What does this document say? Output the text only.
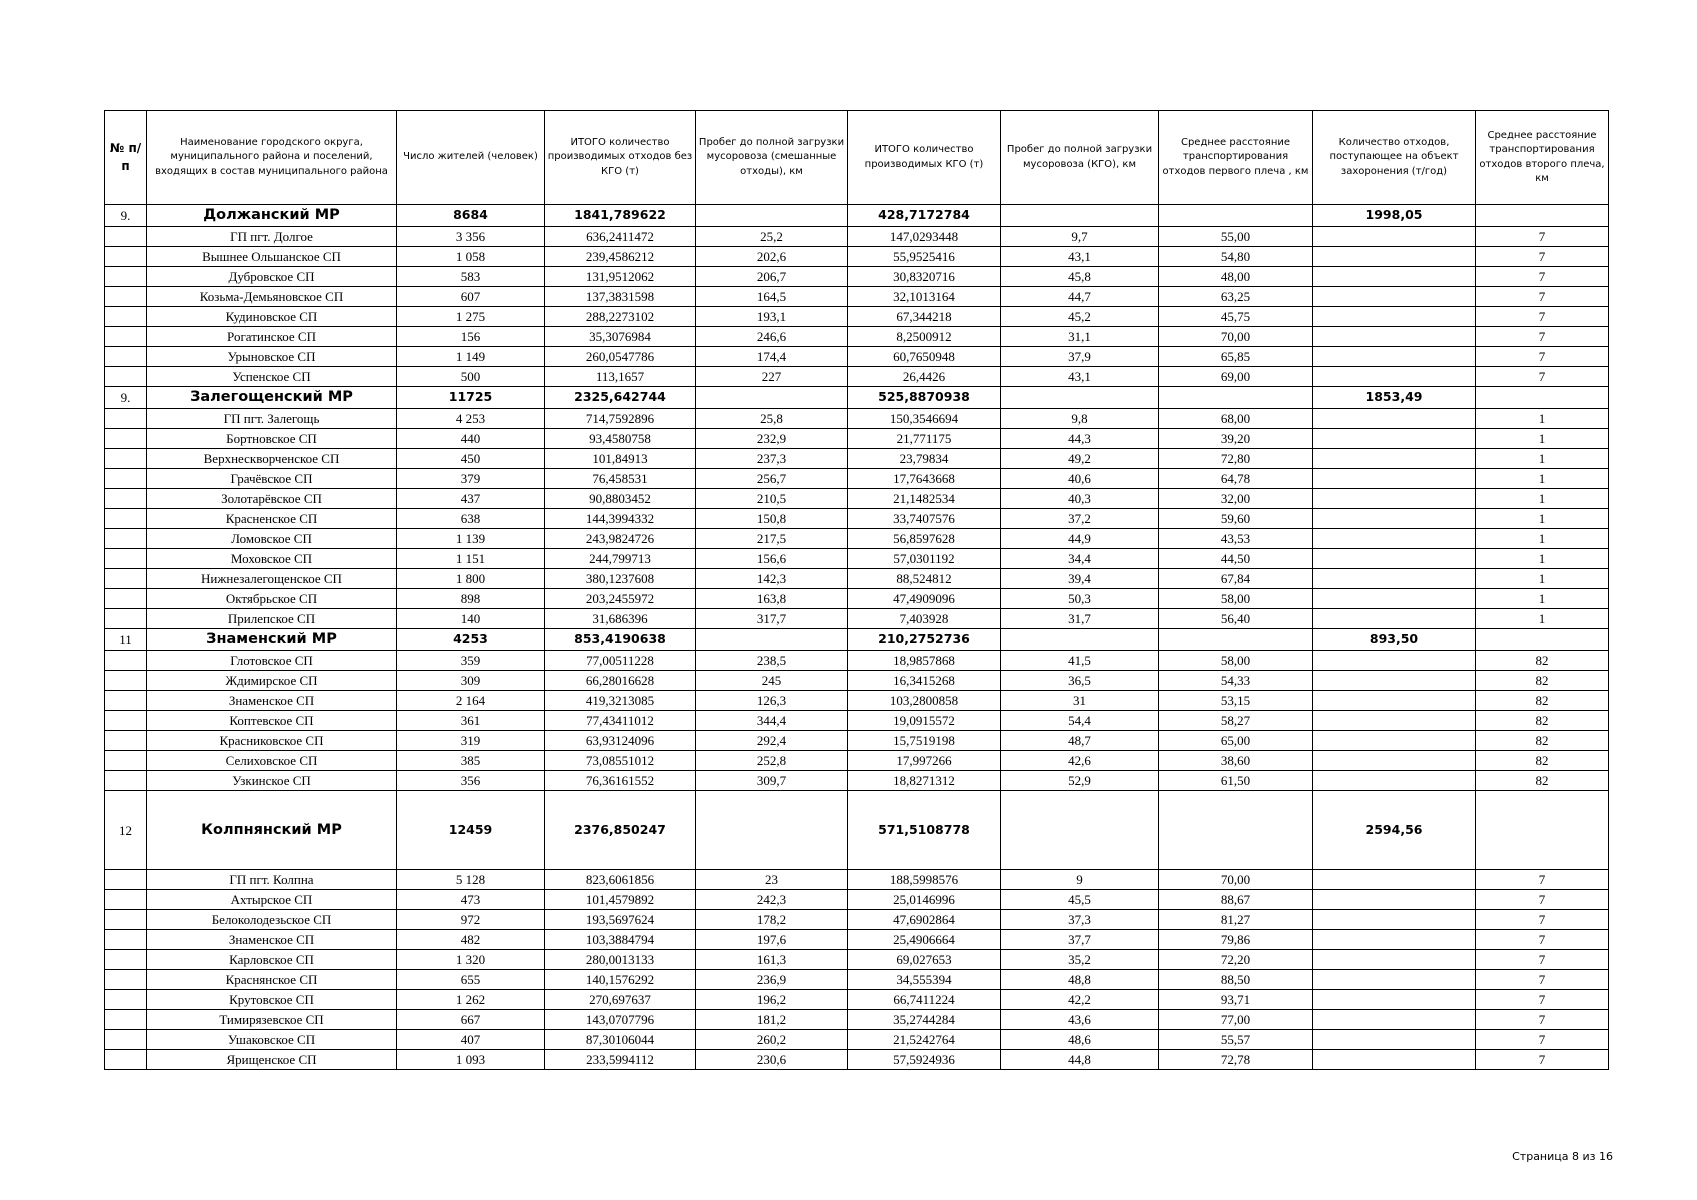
№ п/п	Наименование городского округа, муниципального района и поселений, входящих в состав муниципального района	Число жителей (человек)	ИТОГО количество производимых отходов без КГО (т)	Пробег до полной загрузки мусоровоза (смешанные отходы), км	ИТОГО количество производимых КГО (т)	Пробег до полной загрузки мусоровоза (КГО), км	Среднее расстояние транспортирования отходов первого плеча , км	Количество отходов, поступающее на объект захоронения (т/год)	Среднее расстояние транспортирования отходов второго плеча, км
9.	Должанский МР	8684	1841,789622		428,7172784			1998,05	
	ГП пгт. Долгое	3 356	636,2411472	25,2	147,0293448	9,7	55,00		7
	Вышнее Ольшанское СП	1 058	239,4586212	202,6	55,9525416	43,1	54,80		7
	Дубровское СП	583	131,9512062	206,7	30,8320716	45,8	48,00		7
	Козьма-Демьяновское СП	607	137,3831598	164,5	32,1013164	44,7	63,25		7
	Кудиновское СП	1 275	288,2273102	193,1	67,344218	45,2	45,75		7
	Рогатинское СП	156	35,3076984	246,6	8,2500912	31,1	70,00		7
	Урыновское СП	1 149	260,0547786	174,4	60,7650948	37,9	65,85		7
	Успенское СП	500	113,1657	227	26,4426	43,1	69,00		7
9.	Залегощенский МР	11725	2325,642744		525,8870938			1853,49	
	ГП пгт. Залегощь	4 253	714,7592896	25,8	150,3546694	9,8	68,00		1
	Бортновское СП	440	93,4580758	232,9	21,771175	44,3	39,20		1
	Верхнескворченское СП	450	101,84913	237,3	23,79834	49,2	72,80		1
	Грачёвское СП	379	76,458531	256,7	17,7643668	40,6	64,78		1
	Золотарёвское СП	437	90,8803452	210,5	21,1482534	40,3	32,00		1
	Красненское СП	638	144,3994332	150,8	33,7407576	37,2	59,60		1
	Ломовское СП	1 139	243,9824726	217,5	56,8597628	44,9	43,53		1
	Моховское СП	1 151	244,799713	156,6	57,0301192	34,4	44,50		1
	Нижнезалегощенское СП	1 800	380,1237608	142,3	88,524812	39,4	67,84		1
	Октябрьское СП	898	203,2455972	163,8	47,4909096	50,3	58,00		1
	Прилепское СП	140	31,686396	317,7	7,403928	31,7	56,40		1
11	Знаменский МР	4253	853,4190638		210,2752736			893,50	
	Глотовское СП	359	77,00511228	238,5	18,9857868	41,5	58,00		82
	Ждимирское СП	309	66,28016628	245	16,3415268	36,5	54,33		82
	Знаменское СП	2 164	419,3213085	126,3	103,2800858	31	53,15		82
	Коптевское СП	361	77,43411012	344,4	19,0915572	54,4	58,27		82
	Красниковское СП	319	63,93124096	292,4	15,7519198	48,7	65,00		82
	Селиховское СП	385	73,08551012	252,8	17,997266	42,6	38,60		82
	Узкинское СП	356	76,36161552	309,7	18,8271312	52,9	61,50		82
12	Колпнянский МР	12459	2376,850247		571,5108778			2594,56	
	ГП пгт. Колпна	5 128	823,6061856	23	188,5998576	9	70,00		7
	Ахтырское СП	473	101,4579892	242,3	25,0146996	45,5	88,67		7
	Белоколодезьское СП	972	193,5697624	178,2	47,6902864	37,3	81,27		7
	Знаменское СП	482	103,3884794	197,6	25,4906664	37,7	79,86		7
	Карловское СП	1 320	280,0013133	161,3	69,027653	35,2	72,20		7
	Краснянское СП	655	140,1576292	236,9	34,555394	48,8	88,50		7
	Крутовское СП	1 262	270,697637	196,2	66,7411224	42,2	93,71		7
	Тимирязевское СП	667	143,0707796	181,2	35,2744284	43,6	77,00		7
	Ушаковское СП	407	87,30106044	260,2	21,5242764	48,6	55,57		7
	Ярищенское СП	1 093	233,5994112	230,6	57,5924936	44,8	72,78		7
Страница 8 из 16
